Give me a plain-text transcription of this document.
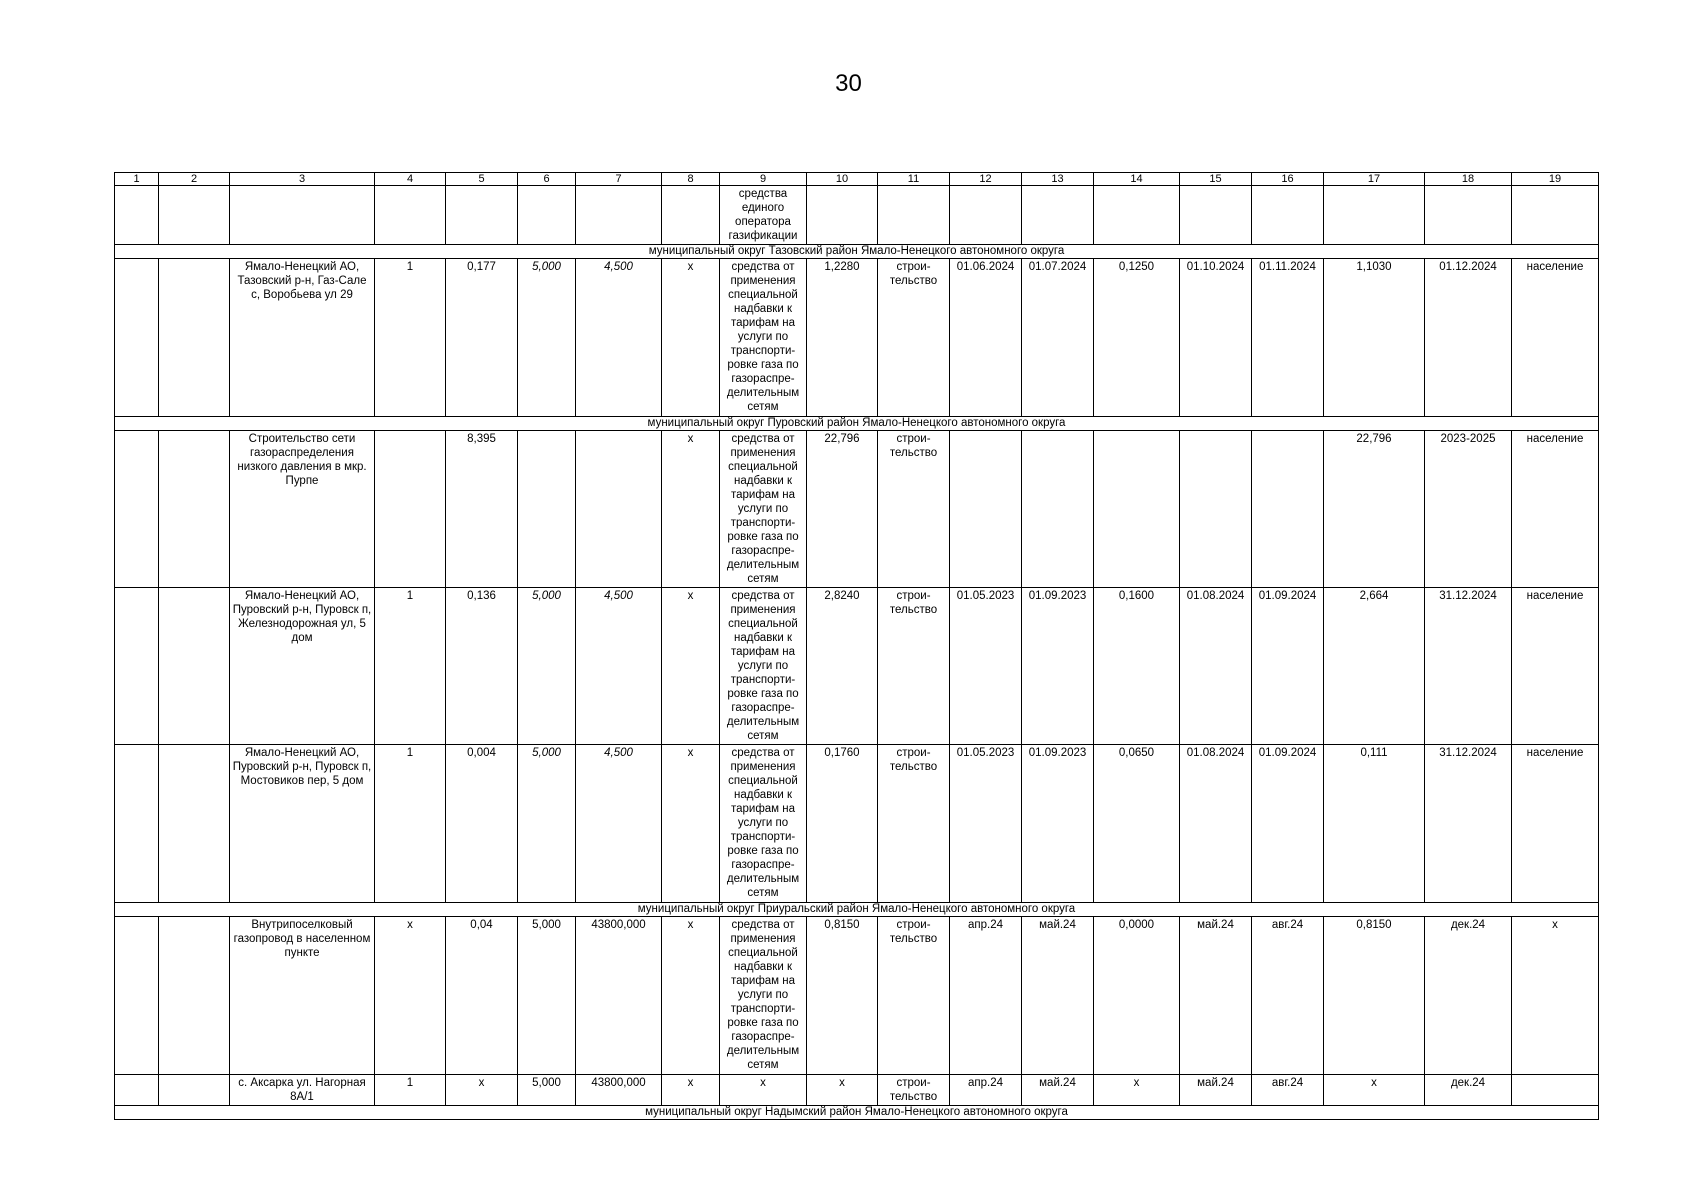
30
1	2	3	4	5	6	7	8	9	10	11	12	13	14	15	16	17	18	19
								средства единого оператора газификации										
муниципальный округ Тазовский район Ямало-Ненецкого автономного округа																		
		Ямало-Ненецкий АО, Тазовский р-н, Газ-Сале с, Воробьева ул 29	1	0,177	5,000	4,500	x	средства от применения специальной надбавки к тарифам на услуги по транспорти-ровке газа по газораспре-делительным сетям	1,2280	строи-тельство	01.06.2024	01.07.2024	0,1250	01.10.2024	01.11.2024	1,1030	01.12.2024	население
муниципальный округ Пуровский район Ямало-Ненецкого автономного округа																		
		Строительство сети газораспределения низкого давления в мкр. Пурпе		8,395			x	средства от применения специальной надбавки к тарифам на услуги по транспорти-ровке газа по газораспре-делительным сетям	22,796	строи-тельство						22,796	2023-2025	население
		Ямало-Ненецкий АО, Пуровский р-н, Пуровск п, Железнодорожная ул, 5 дом	1	0,136	5,000	4,500	x	средства от применения специальной надбавки к тарифам на услуги по транспорти-ровке газа по газораспре-делительным сетям	2,8240	строи-тельство	01.05.2023	01.09.2023	0,1600	01.08.2024	01.09.2024	2,664	31.12.2024	население
		Ямало-Ненецкий АО, Пуровский р-н, Пуровск п, Мостовиков пер, 5 дом	1	0,004	5,000	4,500	x	средства от применения специальной надбавки к тарифам на услуги по транспорти-ровке газа по газораспре-делительным сетям	0,1760	строи-тельство	01.05.2023	01.09.2023	0,0650	01.08.2024	01.09.2024	0,111	31.12.2024	население
муниципальный округ Приуральский район Ямало-Ненецкого автономного округа																		
		Внутрипоселковый газопровод в населенном пункте	x	0,04	5,000	43800,000	x	средства от применения специальной надбавки к тарифам на услуги по транспорти-ровке газа по газораспре-делительным сетям	0,8150	строи-тельство	апр.24	май.24	0,0000	май.24	авг.24	0,8150	дек.24	x
		с. Аксарка ул. Нагорная 8А/1	1	x	5,000	43800,000	x	x	x	строи-тельство	апр.24	май.24	x	май.24	авг.24	x	дек.24	
муниципальный округ Надымский район Ямало-Ненецкого автономного округа																		
